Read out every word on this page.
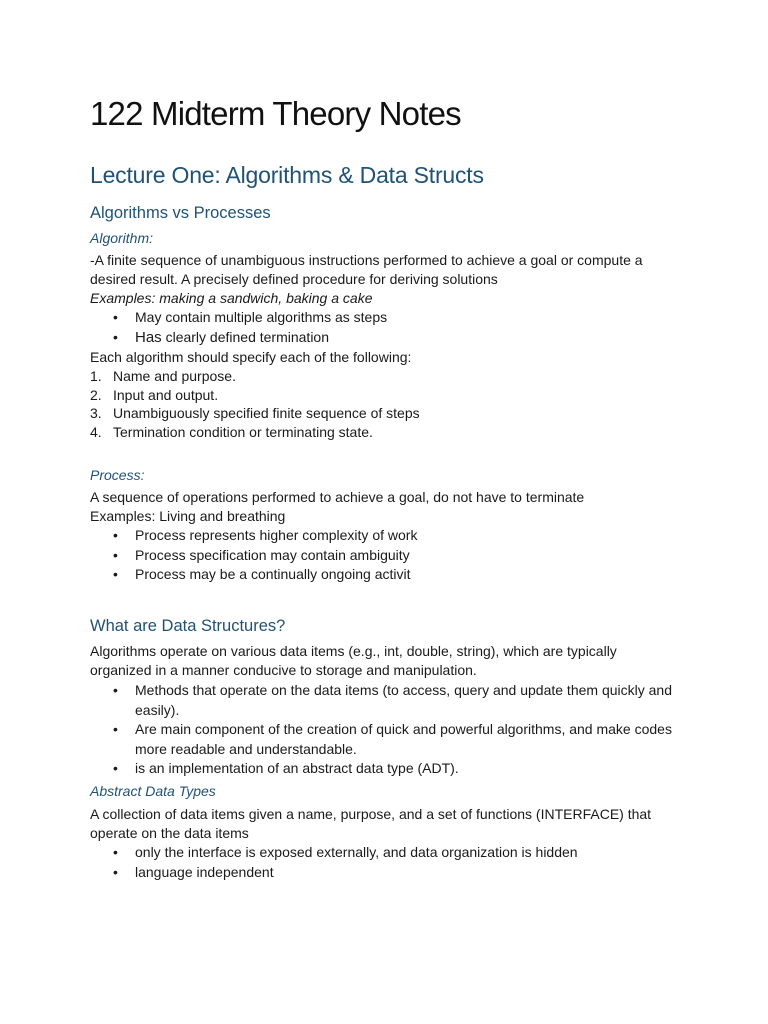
122 Midterm Theory Notes
Lecture One: Algorithms & Data Structs
Algorithms vs Processes
Algorithm:

-A finite sequence of unambiguous instructions performed to achieve a goal or compute a desired result. A precisely defined procedure for deriving solutions

Examples: making a sandwich, baking a cake

• May contain multiple algorithms as steps
• Has clearly defined termination

Each algorithm should specify each of the following:

1. Name and purpose.
2. Input and output.
3. Unambiguously specified finite sequence of steps
4. Termination condition or terminating state.
Process:

A sequence of operations performed to achieve a goal, do not have to terminate

Examples: Living and breathing

• Process represents higher complexity of work
• Process specification may contain ambiguity
• Process may be a continually ongoing activit
What are Data Structures?

Algorithms operate on various data items (e.g., int, double, string), which are typically organized in a manner conducive to storage and manipulation.

• Methods that operate on the data items (to access, query and update them quickly and easily).
• Are main component of the creation of quick and powerful algorithms, and make codes more readable and understandable.
• is an implementation of an abstract data type (ADT).
Abstract Data Types

A collection of data items given a name, purpose, and a set of functions (INTERFACE) that operate on the data items

• only the interface is exposed externally, and data organization is hidden
• language independent
